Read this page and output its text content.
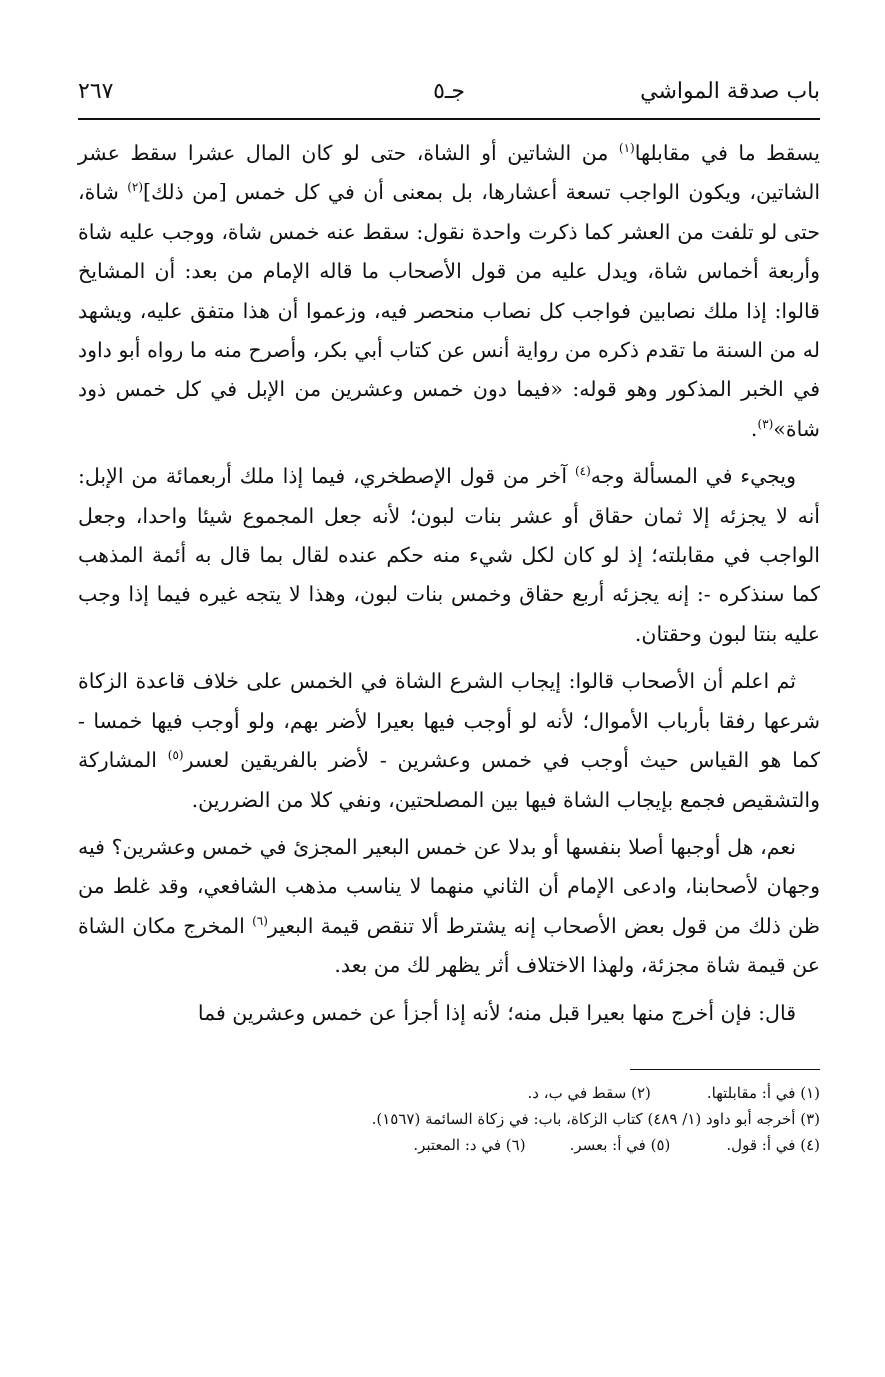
باب صدقة المواشي
جـ٥
٢٦٧

يسقط ما في مقابلها$^{(١)}$ من الشاتين أو الشاة، حتى لو كان المال عشرا سقط عشر الشاتين، ويكون الواجب تسعة أعشارها، بل بمعنى أن في كل خمس [من ذلك]$^{(٢)}$ شاة، حتى لو تلفت من العشر كما ذكرت واحدة نقول: سقط عنه خمس شاة، ووجب عليه شاة وأربعة أخماس شاة، ويدل عليه من قول الأصحاب ما قاله الإمام من بعد: أن المشايخ قالوا: إذا ملك نصابين فواجب كل نصاب منحصر فيه، وزعموا أن هذا متفق عليه، ويشهد له من السنة ما تقدم ذكره من رواية أنس عن كتاب أبي بكر، وأصرح منه ما رواه أبو داود في الخبر المذكور وهو قوله: «فيما دون خمس وعشرين من الإبل في كل خمس ذود شاة»$^{(٣)}$.

ويجيء في المسألة وجه$^{(٤)}$ آخر من قول الإصطخري، فيما إذا ملك أربعمائة من الإبل: أنه لا يجزئه إلا ثمان حقاق أو عشر بنات لبون؛ لأنه جعل المجموع شيئا واحدا، وجعل الواجب في مقابلته؛ إذ لو كان لكل شيء منه حكم عنده لقال بما قال به أئمة المذهب كما سنذكره -: إنه يجزئه أربع حقاق وخمس بنات لبون، وهذا لا يتجه غيره فيما إذا وجب عليه بنتا لبون وحقتان.

ثم اعلم أن الأصحاب قالوا: إيجاب الشرع الشاة في الخمس على خلاف قاعدة الزكاة شرعها رفقا بأرباب الأموال؛ لأنه لو أوجب فيها بعيرا لأضر بهم، ولو أوجب فيها خمسا - كما هو القياس حيث أوجب في خمس وعشرين - لأضر بالفريقين لعسر$^{(٥)}$ المشاركة والتشقيص فجمع بإيجاب الشاة فيها بين المصلحتين، ونفي كلا من الضررين.

نعم، هل أوجبها أصلا بنفسها أو بدلا عن خمس البعير المجزئ في خمس وعشرين؟ فيه وجهان لأصحابنا، وادعى الإمام أن الثاني منهما لا يناسب مذهب الشافعي، وقد غلط من ظن ذلك من قول بعض الأصحاب إنه يشترط ألا تنقص قيمة البعير$^{(٦)}$ المخرج مكان الشاة عن قيمة شاة مجزئة، ولهذا الاختلاف أثر يظهر لك من بعد.

قال: فإن أخرج منها بعيرا قبل منه؛ لأنه إذا أجزأ عن خمس وعشرين فما

(١) في أ: مقابلتها.(٢) سقط في ب، د.
(٣) أخرجه أبو داود (١/ ٤٨٩) كتاب الزكاة، باب: في زكاة السائمة (١٥٦٧).
(٤) في أ: قول.(٥) في أ: بعسر.(٦) في د: المعتبر.
